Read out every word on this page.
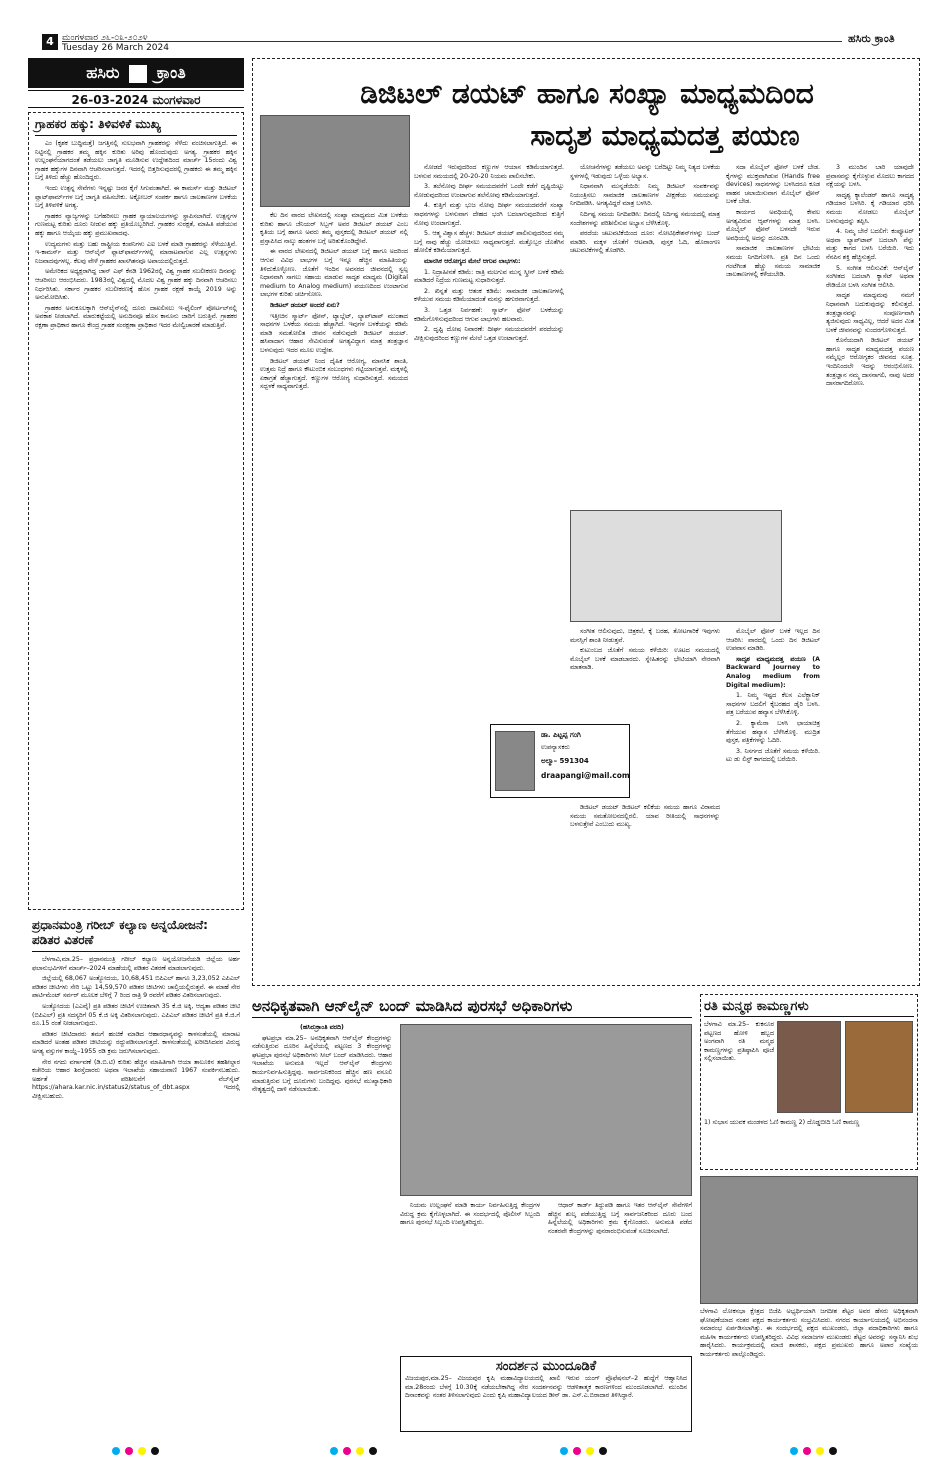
4 ಮಂಗಳವಾರ ೨೬-೦೩-೨೦೨೪
Tuesday 26 March 2024
ಹಸಿರು ಕ್ರಾಂತಿ
ಹಸಿರು ಕ್ರಾಂತಿ
26-03-2024 ಮಂಗಳವಾರ
ಗ್ರಾಹಕರ ಹಕ್ಕು: ತಿಳಿವಳಿಕೆ ಮುಖ್ಯ

ಎಂ (ಕೃಶಕ ಬುದ್ಧಿಮತ್ತೆ) ಜಗತ್ತಿನಲ್ಲಿ ಸುಲಭವಾಗಿ ಗ್ರಾಹಕರನ್ನು ಸೆಳೆದು ವಂಚಿಸಲಾಗುತ್ತಿದೆ. ಈ ನಿಟ್ಟಿನಲ್ಲಿ ಗ್ರಾಹಕರ ತಮ್ಮ ಹಕ್ಕಿನ ಕುರಿತು ಅರಿವು ಹೊಂದುವುದು ಅಗತ್ಯ. ಗ್ರಾಹಕರ ಹಕ್ಕಿನ ಉಲ್ಲಂಘನೆಯಾಗದಂತೆ ತಡೆಯಲು ಜಾಗೃತಿ ಮೂಡಿಸುವ ಉದ್ದೇಶದಿಂದ ಮಾರ್ಚ್ 15ರಂದು ವಿಶ್ವ ಗ್ರಾಹಕ ಹಕ್ಕುಗಳ ದಿನವಾಗಿ ಆಚರಿಸಲಾಗುತ್ತದೆ. ಇದರಲ್ಲಿ ಬಿತ್ತರಿಸುವುದರಲ್ಲಿ ಗ್ರಾಹಕರು ಈ ತಮ್ಮ ಹಕ್ಕಿನ ಬಗ್ಗೆ ತಿಳಿದು ಹೆಚ್ಚು ಹೊಂದಿದ್ದರು.

ಇಂದು ಉತ್ಪನ್ನ ಸೇವೆಗಳು ಇನ್ನಷ್ಟು ಜನರ ಕೈಗೆ ಸಿಗುವಂತಾಗಿದೆ. ಈ ಕಾಮರ್ಸ್ ಮತ್ತು ಡಿಜಿಟಲ್ ಪ್ಲಾಟ್‌ಫಾರ್ಮ್‌ಗಳ ಬಗ್ಗೆ ಜಾಗೃತಿ ವಹಿಸಬೇಕು. ಅಕ್ಟೋಬರ್ ಸಂಪರ್ಕ ಹಾಗೂ ಜಾಲತಾಣಗಳ ಬಳಕೆಯ ಬಗ್ಗೆ ತಿಳಿವಳಿಕೆ ಅಗತ್ಯ.

ಗ್ರಾಹಕರ ವ್ಯಾಜ್ಯಗಳನ್ನು ಬಗೆಹರಿಸಲು ಗ್ರಾಹಕ ನ್ಯಾಯಾಲಯಗಳನ್ನು ಸ್ಥಾಪಿಸಲಾಗಿದೆ. ಉತ್ಪನ್ನಗಳ ಗುಣಮಟ್ಟ ಕುರಿತು ದೂರು ನೀಡುವ ಹಕ್ಕು ಪ್ರತಿಯೊಬ್ಬರಿಗಿದೆ. ಗ್ರಾಹಕರ ಸುರಕ್ಷತೆ, ಮಾಹಿತಿ ಪಡೆಯುವ ಹಕ್ಕು ಹಾಗೂ ಆಯ್ಕೆಯ ಹಕ್ಕು ಪ್ರಮುಖವಾದವು.

ಉದ್ಯಮಗಳು ಮತ್ತು ಬಹು ರಾಷ್ಟ್ರೀಯ ಕಂಪನಿಗಳು ಎಐ ಬಳಕೆ ಮಾಡಿ ಗ್ರಾಹಕರನ್ನು ಸೆಳೆಯುತ್ತಿವೆ. ಇ-ಕಾಮರ್ಸ್ ಮತ್ತು ಆನ್‌ಲೈನ್ ಫ್ಲಾಟ್‌ಫಾರ್ಮ್‌ಗಳಲ್ಲಿ ಮಾರಾಟವಾಗುವ ಎಲ್ಲ ಉತ್ಪನ್ನಗಳು ನಿಜವಾದವುಗಳಲ್ಲ. ಕೆಲವು ವೇಳೆ ಗ್ರಾಹಕರ ಖಾಸಗಿತನವೂ ಅಪಾಯದಲ್ಲಿರುತ್ತದೆ.

ಅಮೇರಿಕದ ಅಧ್ಯಕ್ಷರಾಗಿದ್ದ ಜಾನ್ ಎಫ್ ಕೆನಡಿ 1962ರಲ್ಲಿ ವಿಶ್ವ ಗ್ರಾಹಕ ಸಬಲೀಕರಣ ದಿನವನ್ನು ಆಚರಿಸಲು ಆರಂಭಿಸಿದರು. 1983ರಲ್ಲಿ ವಿಶ್ವದಲ್ಲಿ ಮೊದಲ ವಿಶ್ವ ಗ್ರಾಹಕ ಹಕ್ಕು ದಿನವಾಗಿ ಆಚರಿಸಲು ನಿರ್ಧರಿಸಿತು. ಸರ್ಕಾರ ಗ್ರಾಹಕರ ಸಬಲೀಕರಣಕ್ಕೆ ಹೊಸ ಗ್ರಾಹಕ ರಕ್ಷಣೆ ಕಾಯ್ದೆ 2019 ಅನ್ನು ಅನುಮೋದಿಸಿತು.

ಗ್ರಾಹಕರ ಅನುಕೂಲಕ್ಕಾಗಿ ಆನ್‌ಲೈನ್‌ನಲ್ಲಿ ದೂರು ದಾಖಲಿಸಲು ಇ-ಫೈಲಿಂಗ್ ಪೋರ್ಟಲ್‌ನಲ್ಲಿ ಅವಕಾಶ ನೀಡಲಾಗಿದೆ. ಮಾರುಕಟ್ಟೆಯಲ್ಲಿ ಅನುದಿನವೂ ಹೊಸ ಕಾನೂನು ಜಾರಿಗೆ ಬರುತ್ತಿವೆ. ಗ್ರಾಹಕರ ರಕ್ಷಣಾ ಪ್ರಾಧಿಕಾರ ಹಾಗೂ ಕೇಂದ್ರ ಗ್ರಾಹಕ ಸಂರಕ್ಷಣಾ ಪ್ರಾಧಿಕಾರ ಇದರ ಮೇಲ್ವಿಚಾರಣೆ ಮಾಡುತ್ತಿವೆ.

ಪ್ರಧಾನಮಂತ್ರಿ ಗರೀಬ್ ಕಲ್ಯಾಣ ಅನ್ನಯೋಜನೆ: ಪಡಿತರ ವಿತರಣೆ

ಬೆಳಗಾವಿ,ಮಾ.25– ಪ್ರಧಾನಮಂತ್ರಿ ಗರೀಬ್ ಕಲ್ಯಾಣ ಅನ್ನಯೋಜನೆಯಡಿ ಜಿಲ್ಲೆಯ ಅರ್ಹ ಫಲಾನುಭವಿಗಳಿಗೆ ಮಾರ್ಚ್–2024 ಮಾಹೆಯಲ್ಲಿ ಪಡಿತರ ವಿತರಣೆ ಮಾಡಲಾಗುವುದು.

ಜಿಲ್ಲೆಯಲ್ಲಿ 68,067 ಅಂತ್ಯೋದಯ, 10,68,451 ಬಿಪಿಎಲ್ ಹಾಗೂ 3,23,052 ಎಪಿಎಲ್ ಪಡಿತರ ಚೀಟಿಗಳು ಸೇರಿ ಒಟ್ಟು 14,59,570 ಪಡಿತರ ಚೀಟಿಗಳು ಚಾಲ್ತಿಯಲ್ಲಿರುತ್ತವೆ. ಈ ಮಾಹೆ ನೇರ ಪಾರ್ಟಿಮೆಂಟ್ ಸರ್ವರ್ ಮೂಲಕ ಬೆಳಿಗ್ಗೆ 7 ರಿಂದ ರಾತ್ರಿ 9 ರವರೆಗೆ ಪಡಿತರ ವಿತರಿಸಲಾಗುವುದು.

ಅಂತ್ಯೋದಯ (ಎಎವೈ) ಪ್ರತಿ ಪಡಿತರ ಚೀಟಿಗೆ ಉಚಿತವಾಗಿ 35 ಕೆ.ಜಿ ಅಕ್ಕಿ, ಆದ್ಯತಾ ಪಡಿತರ ಚೀಟಿ (ಬಿಪಿಎಲ್) ಪ್ರತಿ ಸದಸ್ಯರಿಗೆ 05 ಕೆ.ಜಿ ಅಕ್ಕಿ ವಿತರಿಸಲಾಗುವುದು. ಎಪಿಎಲ್ ಪಡಿತರ ಚೀಟಿಗೆ ಪ್ರತಿ ಕೆ.ಜಿ.ಗೆ ರೂ.15 ರಂತೆ ನೀಡಲಾಗುವುದು.

ಪಡಿತರ ಚೀಟಿದಾರರು ತಮಗೆ ಹಂಚಿಕೆ ಮಾಡಿದ ಆಹಾರಧಾನ್ಯವನ್ನು ಕಾಳಸಂತೆಯಲ್ಲಿ ಮಾರಾಟ ಮಾಡಿದರೆ ಅಂತಹ ಪಡಿತರ ಚೀಟಿಯನ್ನು ರದ್ದುಪಡಿಸಲಾಗುತ್ತದೆ. ಕಾಳಸಂತೆಯಲ್ಲಿ ಖರೀದಿಸಿದವರ ವಿರುದ್ಧ ಅಗತ್ಯ ವಸ್ತುಗಳ ಕಾಯ್ದೆ–1955 ರಡಿ ಕ್ರಮ ಜರುಗಿಸಲಾಗುವುದು.

ನೇರ ನಗದು ವರ್ಗಾವಣೆ (ಡಿ.ಬಿ.ಟಿ) ಕುರಿತು ಹೆಚ್ಚಿನ ಮಾಹಿತಿಗಾಗಿ ಆಯಾ ತಾಲೂಕಿನ ತಹಶೀಲ್ದಾರ ಕಚೇರಿಯ ಆಹಾರ ಶಿರಸ್ತೆದಾರರು ಅಥವಾ ಇಲಾಖೆಯ ಸಹಾಯವಾಣಿ 1967 ಸಂಪರ್ಕಿಸಬಹುದು. ಅರ್ಹತೆ ಪರಿಶೀಲನೆಗೆ ವೆಬ್‌ಸೈಟ್ https://ahara.kar.nic.in/status2/status_of_dbt.aspx ಇದರಲ್ಲಿ ವೀಕ್ಷಿಸಬಹುದು.

ಡಿಜಿಟಲ್ ಡಯಟ್ ಹಾಗೂ ಸಂಖ್ಯಾ ಮಾಧ್ಯಮದಿಂದ
ಸಾದೃಶ ಮಾಧ್ಯಮದತ್ತ ಪಯಣ

ಕೆಲ ದಿನ ವಾರದ ಲೇಖನದಲ್ಲಿ ಸಂಖ್ಯಾ ಮಾಧ್ಯಮದ ಮಿತ ಬಳಕೆಯ ಕುರಿತು ಹಾಗೂ ಜೆನಿಯರ್ ಸಿಬ್ಬಗ್ ಅವರ ಡಿಜಿಟಲ್ ಡಯಟ್ ಎಂಬ ಕೃತಿಯ ಬಗ್ಗೆ ಹಾಗೂ ಅವರು ತಮ್ಮ ಪುಸ್ತಕದಲ್ಲಿ ಡಿಜಿಟಲ್ ಡಯಟ್ ನಲ್ಲಿ ಪ್ರಸ್ತಾಪಿಸಿದ ನಾಲ್ಕು ಹಂತಗಳ ಬಗ್ಗೆ ಅರಿತುಕೊಂಡಿದ್ದೇವೆ.

ಈ ವಾರದ ಲೇಖನದಲ್ಲಿ ಡಿಜಿಟಲ್ ಡಯಟ್ ಬಗ್ಗೆ ಹಾಗೂ ಅದರಿಂದ ಆಗುವ ವಿವಿಧ ಲಾಭಗಳ ಬಗ್ಗೆ ಇನ್ನೂ ಹೆಚ್ಚಿನ ಮಾಹಿತಿಯನ್ನು ತಿಳಿದುಕೊಳ್ಳೋಣ. ಜೊತೆಗೆ ಇಂದಿನ ಅವಸರದ ಜೀವನದಲ್ಲಿ ಸ್ವಲ್ಪ ನಿಧಾನವಾಗಿ ಸಾಗಲು ಸಹಾಯ ಮಾಡುವ ಸಾದೃಶ ಮಾಧ್ಯಮ (Digital medium to Analog medium) ಪಯಣದಿಂದ ಉಂಟಾಗುವ ಲಾಭಗಳ ಕುರಿತು ಚರ್ಚಿಸೋಣ.

ಡಿಜಿಟಲ್ ಡಯಟ್ ಅಂದರೆ ಏನು?

ಇತ್ತೀಚಿನ ಸ್ಮಾರ್ಟ್ ಫೋನ್, ಟ್ಯಾಬ್ಲೆಟ್, ಲ್ಯಾಪ್‌ಟಾಪ್ ಮುಂತಾದ ಸಾಧನಗಳ ಬಳಕೆಯ ಸಮಯ ಹೆಚ್ಚಾಗಿದೆ. ಇವುಗಳ ಬಳಕೆಯನ್ನು ಕಡಿಮೆ ಮಾಡಿ ಸಮತೋಲಿತ ಜೀವನ ನಡೆಸುವುದೇ ಡಿಜಿಟಲ್ ಡಯಟ್. ಹಸಿವಾದಾಗ ಆಹಾರ ಸೇವಿಸುವಂತೆ ಅಗತ್ಯವಿದ್ದಾಗ ಮಾತ್ರ ತಂತ್ರಜ್ಞಾನ ಬಳಸುವುದು ಇದರ ಮೂಲ ಉದ್ದೇಶ.

ಡಿಜಿಟಲ್ ಡಯಟ್ ನಿಂದ ದೈಹಿಕ ಆರೋಗ್ಯ, ಮಾನಸಿಕ ಶಾಂತಿ, ಉತ್ತಮ ನಿದ್ರೆ ಹಾಗೂ ಕೌಟುಂಬಿಕ ಸಂಬಂಧಗಳು ಗಟ್ಟಿಯಾಗುತ್ತವೆ. ಮಕ್ಕಳಲ್ಲಿ ಏಕಾಗ್ರತೆ ಹೆಚ್ಚಾಗುತ್ತದೆ. ಕಣ್ಣುಗಳ ಆರೋಗ್ಯ ಸುಧಾರಿಸುತ್ತದೆ. ಸಮಯದ ಸದ್ಬಳಕೆ ಸಾಧ್ಯವಾಗುತ್ತದೆ.

ನೋಡದೆ ಇರುವುದರಿಂದ ಕಣ್ಣುಗಳ ಆಯಾಸ ಕಡಿಮೆಯಾಗುತ್ತದೆ. ಬಳಸುವ ಸಮಯದಲ್ಲಿ 20-20-20 ನಿಯಮ ಪಾಲಿಸಬೇಕು.

3. ತಲೆನೋವು ದೀರ್ಘ ಸಮಯದವರೆಗೆ ಒಂದೇ ಕಡೆಗೆ ದೃಷ್ಟಿಯಿಟ್ಟು ನೋಡುವುದರಿಂದ ಉಂಟಾಗುವ ತಲೆನೋವು ಕಡಿಮೆಯಾಗುತ್ತದೆ.

4. ಕುತ್ತಿಗೆ ಮತ್ತು ಭುಜ ನೋವು ದೀರ್ಘ ಸಮಯದವರೆಗೆ ಸಂಖ್ಯಾ ಸಾಧನಗಳನ್ನು ಬಳಸುವಾಗ ದೇಹದ ಭಂಗಿ ಬದಲಾಗುವುದರಿಂದ ಕುತ್ತಿಗೆ ನೋವು ಉಂಟಾಗುತ್ತದೆ.

5. ಆತ್ಮ ವಿಶ್ವಾಸ ಹೆಚ್ಚಳ: ಡಿಜಿಟಲ್ ಡಯಟ್ ಪಾಲಿಸುವುದರಿಂದ ನಮ್ಮ ಬಗ್ಗೆ ನಾವು ಹೆಚ್ಚು ಯೋಚಿಸಲು ಸಾಧ್ಯವಾಗುತ್ತದೆ. ಮತ್ತೊಬ್ಬರ ಜೊತೆಗಿನ ಹೋಲಿಕೆ ಕಡಿಮೆಯಾಗುತ್ತದೆ.

ಮಾನಸಿಕ ಆರೋಗ್ಯದ ಮೇಲೆ ಆಗುವ ಲಾಭಗಳು:

1. ನಿದ್ರಾಹೀನತೆ ಕಡಿಮೆ: ರಾತ್ರಿ ಮಲಗುವ ಮುನ್ನ ಸ್ಕ್ರೀನ್ ಬಳಕೆ ಕಡಿಮೆ ಮಾಡಿದರೆ ನಿದ್ರೆಯ ಗುಣಮಟ್ಟ ಸುಧಾರಿಸುತ್ತದೆ.

2. ಖಿನ್ನತೆ ಮತ್ತು ಆತಂಕ ಕಡಿಮೆ: ಸಾಮಾಜಿಕ ಜಾಲತಾಣಗಳಲ್ಲಿ ಕಳೆಯುವ ಸಮಯ ಕಡಿಮೆಯಾದಂತೆ ಮನಸ್ಸು ಹಗುರವಾಗುತ್ತದೆ.

3. ಒತ್ತಡ ನಿರ್ವಹಣೆ: ಸ್ಮಾರ್ಟ್ ಫೋನ್ ಬಳಕೆಯನ್ನು ಕಡಿಮೆಗೊಳಿಸುವುದರಿಂದ ಆಗುವ ಲಾಭಗಳು ಹಲವಾರು.

2. ದೃಷ್ಟಿ ದೋಷ ನಿವಾರಣೆ: ದೀರ್ಘ ಸಮಯದವರೆಗೆ ಪರದೆಯನ್ನು ವೀಕ್ಷಿಸುವುದರಿಂದ ಕಣ್ಣುಗಳ ಮೇಲೆ ಒತ್ತಡ ಉಂಟಾಗುತ್ತದೆ.

ಯೋಚನೆಗಳನ್ನು ತಡೆಯಲು ಅವನ್ನು ಬರೆದಿಟ್ಟು ನಿಮ್ಮ ನಿತ್ಯದ ಬಳಕೆಯ ಸ್ಥಳಗಳಲ್ಲಿ ಇಡುವುದು ಒಳ್ಳೆಯ ಅಭ್ಯಾಸ.

ನಿಧಾನವಾಗಿ ಮುನ್ನಡೆಯಿರಿ: ನಿಮ್ಮ ಡಿಜಿಟಲ್ ಸಂಪರ್ಕವನ್ನು ನಿಯಂತ್ರಿಸಲು ಸಾಮಾಜಿಕ ಜಾಲತಾಣಗಳ ವೀಕ್ಷಣೆಯ ಸಮಯವನ್ನು ನಿಗದಿಪಡಿಸಿ. ಅಗತ್ಯವಿದ್ದರೆ ಮಾತ್ರ ಬಳಸಿರಿ.

ನಿರ್ದಿಷ್ಟ ಸಮಯ ನಿಗದಿಪಡಿಸಿ: ದಿನದಲ್ಲಿ ನಿರ್ದಿಷ್ಟ ಸಮಯದಲ್ಲಿ ಮಾತ್ರ ಸಂದೇಶಗಳನ್ನು ಪರಿಶೀಲಿಸುವ ಅಭ್ಯಾಸ ಬೆಳೆಸಿಕೊಳ್ಳಿ.

ಪರದೆಯ ಚಟುವಟಿಕೆಯಿಂದ ದೂರ: ನೋಟಿಫಿಕೇಶನ್‌ಗಳನ್ನು ಬಂದ್ ಮಾಡಿರಿ. ಮಕ್ಕಳ ಜೊತೆಗೆ ಆಟವಾಡಿ, ಪುಸ್ತಕ ಓದಿ, ಹೊರಾಂಗಣ ಚಟುವಟಿಕೆಗಳಲ್ಲಿ ತೊಡಗಿರಿ.

ಸಂಗೀತ ಆಲಿಸುವುದು, ಚಿತ್ರಕಲೆ, ಕೈ ಬರಹ, ತೋಟಗಾರಿಕೆ ಇವುಗಳು ಮನಸ್ಸಿಗೆ ಶಾಂತಿ ನೀಡುತ್ತವೆ.

ಕುಟುಂಬದ ಜೊತೆಗೆ ಸಮಯ ಕಳೆಯಿರಿ: ಊಟದ ಸಮಯದಲ್ಲಿ ಮೊಬೈಲ್ ಬಳಕೆ ಮಾಡಬಾರದು. ಸ್ನೇಹಿತರನ್ನು ಭೇಟಿಯಾಗಿ ನೇರವಾಗಿ ಮಾತನಾಡಿ.

ಡಾ. ಪಿಟ್ಟಪ್ಪ ಗಂಗಿ
ಉಪನ್ಯಾಸಕರು
ಅಲ್ಮಾ– 591304
draapangi@mail.com

ಡಿಜಿಟಲ್ ಡಯಟ್ ಡಿಜಿಟಲ್ ಕಲಿಕೆಯ ಸಮಯ ಹಾಗೂ ವಿರಾಮದ ಸಮಯ ಸಮತೋಲನದಲ್ಲಿರಲಿ. ಯಾವ ರೀತಿಯಲ್ಲಿ ಸಾಧನಗಳನ್ನು ಬಳಸುತ್ತೇವೆ ಎಂಬುದು ಮುಖ್ಯ.

ಸದಾ ಮೊಬೈಲ್ ಫೋನ್ ಬಳಕೆ ಬೇಡ. ಕೈಗಳನ್ನು ಮುಕ್ತವಾಗಿಡುವ (Hands free devices) ಸಾಧನಗಳನ್ನು ಬಳಸಿದರೂ ಕೂಡ ವಾಹನ ಚಲಾಯಿಸುವಾಗ ಮೊಬೈಲ್ ಫೋನ್ ಬಳಕೆ ಬೇಡ.

ಕಾರ್ಯದ ಅವಧಿಯಲ್ಲಿ ಕೇವಲ ಅಗತ್ಯವಿರುವ ಆ್ಯಪ್‌ಗಳನ್ನು ಮಾತ್ರ ಬಳಸಿ. ಮೊಬೈಲ್ ಫೋನ್ ಬಳಸದೇ ಇರುವ ಅವಧಿಯಲ್ಲಿ ಅದನ್ನು ದೂರವಿಡಿ.

ಸಾಮಾಜಿಕ ಜಾಲತಾಣಗಳ ಭೇಟಿಯ ಸಮಯ ನಿಗದಿಗೊಳಿಸಿ. ಪ್ರತಿ ದಿನ ಒಂದು ಗಂಟೆಗಿಂತ ಹೆಚ್ಚು ಸಮಯ ಸಾಮಾಜಿಕ ಜಾಲತಾಣಗಳಲ್ಲಿ ಕಳೆಯಬೇಡಿ.

ಮೊಬೈಲ್ ಫೋನ್ ಬಳಕೆ ಇಲ್ಲದ ದಿನ ಆಚರಿಸಿ: ವಾರದಲ್ಲಿ ಒಂದು ದಿನ ಡಿಜಿಟಲ್ ಉಪವಾಸ ಮಾಡಿರಿ.

ಸಾದೃಶ ಮಾಧ್ಯಮದತ್ತ ಪಯಣ (A Backward Journey to Analog medium from Digital medium):

1. ನಿಮ್ಮ ಇಷ್ಟದ ಕೆಲಸ ಎಲೆಕ್ಟ್ರಾನಿಕ್ ಸಾಧನಗಳ ಬದಲಿಗೆ ಕೈಬರಹದ ಡೈರಿ ಬಳಸಿ. ಪತ್ರ ಬರೆಯುವ ಹವ್ಯಾಸ ಬೆಳೆಸಿಕೊಳ್ಳಿ.

2. ಕ್ಯಾಮೆರಾ ಬಳಸಿ ಛಾಯಾಚಿತ್ರ ತೆಗೆಯುವ ಹವ್ಯಾಸ ಬೆಳೆಸಿಕೊಳ್ಳಿ. ಮುದ್ರಿತ ಪುಸ್ತಕ, ಪತ್ರಿಕೆಗಳನ್ನು ಓದಿರಿ.

3. ನಿಸರ್ಗದ ಜೊತೆಗೆ ಸಮಯ ಕಳೆಯಿರಿ. ಟು ಡು ಲಿಸ್ಟ್ ಕಾಗದದಲ್ಲಿ ಬರೆಯಿರಿ.

3 ಮುಂದಿನ ಬಾರಿ ಯಾವುದೇ ಪ್ರವಾಸವನ್ನು ಕೈಗೊಳ್ಳುವ ಮೊದಲು ಕಾಗದದ ನಕ್ಷೆಯನ್ನು ಬಳಸಿ.

ಸಾದೃಶ್ಯ ಕ್ಯಾಲೆಂಡರ್ ಹಾಗೂ ಸಾದೃಶ್ಯ ಗಡಿಯಾರ ಬಳಸಿರಿ. ಕೈ ಗಡಿಯಾರ ಧರಿಸಿ ಸಮಯ ನೋಡಲು ಮೊಬೈಲ್ ಬಳಸುವುದನ್ನು ತಪ್ಪಿಸಿ.

4. ನಿಮ್ಮ ಬೇರೆ ಬದಲಿಗೆ: ಕಂಪ್ಯೂಟರ್ ಅಥವಾ ಲ್ಯಾಪ್‌ಟಾಪ್ ಬದಲಾಗಿ ಪೆನ್ನು ಮತ್ತು ಕಾಗದ ಬಳಸಿ ಬರೆಯಿರಿ. ಇದು ನೆನಪಿನ ಶಕ್ತಿ ಹೆಚ್ಚಿಸುತ್ತದೆ.

5. ಸಂಗೀತ ಆಲಿಸುವಿಕೆ: ಆನ್‌ಲೈನ್ ಸಂಗೀತದ ಬದಲಾಗಿ ಕ್ಯಾಸೆಟ್ ಅಥವಾ ರೇಡಿಯೋ ಬಳಸಿ ಸಂಗೀತ ಆಲಿಸಿರಿ.

ಸಾದೃಶ ಮಾಧ್ಯಮವು ನಮಗೆ ನಿಧಾನವಾಗಿ ಬದುಕುವುದನ್ನು ಕಲಿಸುತ್ತದೆ. ತಂತ್ರಜ್ಞಾನವನ್ನು ಸಂಪೂರ್ಣವಾಗಿ ತ್ಯಜಿಸುವುದು ಸಾಧ್ಯವಿಲ್ಲ, ಆದರೆ ಅದರ ಮಿತ ಬಳಕೆ ಜೀವನವನ್ನು ಸುಂದರಗೊಳಿಸುತ್ತದೆ.

ಕೊನೆಯದಾಗಿ ಡಿಜಿಟಲ್ ಡಯಟ್ ಹಾಗೂ ಸಾದೃಶ ಮಾಧ್ಯಮದತ್ತ ಪಯಣ ನಮ್ಮೆಲ್ಲರ ಆರೋಗ್ಯಕರ ಜೀವನದ ಸೂತ್ರ. ಇಂದಿನಿಂದಲೇ ಇದನ್ನು ಆರಂಭಿಸೋಣ. ತಂತ್ರಜ್ಞಾನ ನಮ್ಮ ದಾಸನಾಗಲಿ, ನಾವು ಅದರ ದಾಸರಾಗದಿರೋಣ.

ಅನಧಿಕೃತವಾಗಿ ಆನ್‌ಲೈನ್ ಬಂದ್ ಮಾಡಿಸಿದ ಪುರಸಭೆ ಅಧಿಕಾರಿಗಳು

(ಹಸಿರುಕ್ರಾಂತಿ ವರದಿ)

ಘಟಪ್ರಭಾ ಮಾ.25– ಅನಧಿಕೃತವಾಗಿ ಆನ್‌ಲೈನ್ ಕೇಂದ್ರಗಳನ್ನು ನಡೆಸುತ್ತಿರುವ ದೂರಿನ ಹಿನ್ನೆಲೆಯಲ್ಲಿ ಪಟ್ಟಣದ 3 ಕೇಂದ್ರಗಳನ್ನು ಘಟಪ್ರಭಾ ಪುರಸಭೆ ಅಧಿಕಾರಿಗಳು ಸೀಲ್ ಬಂದ್ ಮಾಡಿಸಿದರು. ಆಹಾರ ಇಲಾಖೆಯ ಅನುಮತಿ ಇಲ್ಲದೆ ಆನ್‌ಲೈನ್ ಕೇಂದ್ರಗಳು ಕಾರ್ಯನಿರ್ವಹಿಸುತ್ತಿದ್ದವು. ಸಾರ್ವಜನಿಕರಿಂದ ಹೆಚ್ಚಿನ ಹಣ ವಸೂಲಿ ಮಾಡುತ್ತಿರುವ ಬಗ್ಗೆ ದೂರುಗಳು ಬಂದಿದ್ದವು. ಪುರಸಭೆ ಮುಖ್ಯಾಧಿಕಾರಿ ನೇತೃತ್ವದಲ್ಲಿ ದಾಳಿ ನಡೆಸಲಾಯಿತು.

ನಿಯಮ ಉಲ್ಲಂಘನೆ ಮಾಡಿ ಕಾರ್ಯ ನಿರ್ವಹಿಸುತ್ತಿದ್ದ ಕೇಂದ್ರಗಳ ವಿರುದ್ಧ ಕ್ರಮ ಕೈಗೊಳ್ಳಲಾಗಿದೆ. ಈ ಸಂದರ್ಭದಲ್ಲಿ ಪೊಲೀಸ್ ಸಿಬ್ಬಂದಿ ಹಾಗೂ ಪುರಸಭೆ ಸಿಬ್ಬಂದಿ ಉಪಸ್ಥಿತರಿದ್ದರು.

ಆಧಾರ್ ಕಾರ್ಡ್ ತಿದ್ದುಪಡಿ ಹಾಗೂ ಇತರ ಆನ್‌ಲೈನ್ ಸೇವೆಗಳಿಗೆ ಹೆಚ್ಚಿನ ಶುಲ್ಕ ಪಡೆಯುತ್ತಿದ್ದ ಬಗ್ಗೆ ಸಾರ್ವಜನಿಕರಿಂದ ದೂರು ಬಂದ ಹಿನ್ನೆಲೆಯಲ್ಲಿ ಅಧಿಕಾರಿಗಳು ಕ್ರಮ ಕೈಗೊಂಡರು. ಅನುಮತಿ ಪಡೆದ ನಂತರವೇ ಕೇಂದ್ರಗಳನ್ನು ಪುನರಾರಂಭಿಸುವಂತೆ ಸೂಚಿಸಲಾಗಿದೆ.

ಸಂದರ್ಶನ ಮುಂದೂಡಿಕೆ
ವಿಜಯಪುರ,ಮಾ.25– ವಿಜಯಪುರ ಕೃಷಿ ಮಹಾವಿದ್ಯಾಲಯದಲ್ಲಿ ಖಾಲಿ ಇರುವ ಯಂಗ್ ಪ್ರೊಫೆಷನಲ್–2 ಹುದ್ದೆಗೆ ಆಹ್ವಾನಿಸಿದ ಮಾ.28ರಂದು ಬೆಳಗ್ಗೆ 10.30ಕ್ಕೆ ನಡೆಯಬೇಕಾಗಿದ್ದ ನೇರ ಸಂದರ್ಶನವನ್ನು ಆಡಳಿತಾತ್ಮಕ ಕಾರಣಗಳಿಂದ ಮುಂದೂಡಲಾಗಿದೆ. ಮುಂದಿನ ದಿನಾಂಕವನ್ನು ನಂತರ ತಿಳಿಸಲಾಗುವುದು ಎಂದು ಕೃಷಿ ಮಹಾವಿದ್ಯಾಲಯದ ಡೀನ್ ಡಾ. ಎಸ್.ಎ.ಬಿರಾದಾರ ತಿಳಿಸಿದ್ದಾರೆ.
ರತಿ ಮನ್ಮಥ ಕಾಮಣ್ಣಗಳು
ಬೆಳಗಾವಿ ಮಾ.25– ಕುಕನೂರ ಪಟ್ಟಣದ ಹೋಳಿ ಹಬ್ಬದ ಅಂಗವಾಗಿ ರತಿ ಮನ್ಮಥ ಕಾಮಣ್ಣಗಳನ್ನು ಪ್ರತಿಷ್ಠಾಪಿಸಿ ಪೂಜೆ ಸಲ್ಲಿಸಲಾಯಿತು.
1) ಸುಭಾಸ ಯುವಕ ಮಂಡಳದ ಓಣಿ ಕಾಮಣ್ಣ 2) ದೊಡ್ಡಬೀದಿ ಓಣಿ ಕಾಮಣ್ಣ
ಬೆಳಗಾವಿ ಲೋಕಸಭಾ ಕ್ಷೇತ್ರದ ಬಿಜೆಪಿ ಅಭ್ಯರ್ಥಿಯಾಗಿ ಜಗದೀಶ ಶೆಟ್ಟರ ಅವರ ಹೆಸರು ಅಧಿಕೃತವಾಗಿ ಘೋಷಣೆಯಾದ ನಂತರ ಪಕ್ಷದ ಕಾರ್ಯಕರ್ತರು ಸಂಭ್ರಮಿಸಿದರು. ನಗರದ ಕಾರ್ಯಾಲಯದಲ್ಲಿ ಅಭಿನಂದನಾ ಸಮಾರಂಭ ಏರ್ಪಡಿಸಲಾಗಿತ್ತು. ಈ ಸಂದರ್ಭದಲ್ಲಿ ಪಕ್ಷದ ಮುಖಂಡರು, ಜಿಲ್ಲಾ ಪದಾಧಿಕಾರಿಗಳು ಹಾಗೂ ಮಹಿಳಾ ಕಾರ್ಯಕರ್ತರು ಉಪಸ್ಥಿತರಿದ್ದರು. ವಿವಿಧ ಸಮಾಜಗಳ ಮುಖಂಡರು ಶೆಟ್ಟರ ಅವರನ್ನು ಸನ್ಮಾನಿಸಿ ಶುಭ ಹಾರೈಸಿದರು. ಕಾರ್ಯಕ್ರಮದಲ್ಲಿ ಮಾಜಿ ಶಾಸಕರು, ಪಕ್ಷದ ಪ್ರಮುಖರು ಹಾಗೂ ಅಪಾರ ಸಂಖ್ಯೆಯ ಕಾರ್ಯಕರ್ತರು ಪಾಲ್ಗೊಂಡಿದ್ದರು.
